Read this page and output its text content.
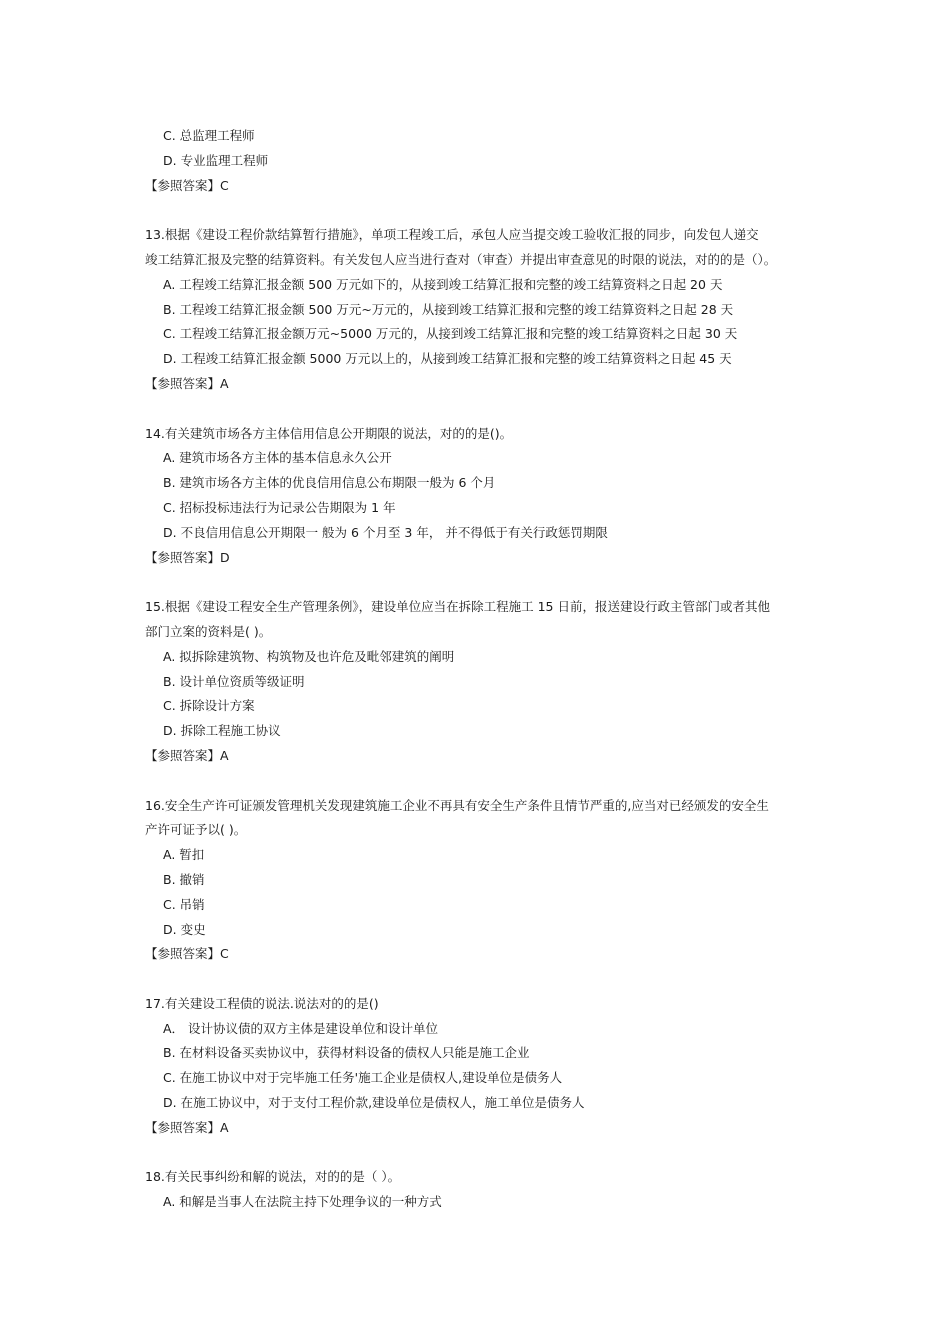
C. 总监理工程师
D. 专业监理工程师
【参照答案】C
13.根据《建设工程价款结算暂行措施》，单项工程竣工后，承包人应当提交竣工验收汇报的同步，向发包人递交
竣工结算汇报及完整的结算资料。有关发包人应当进行查对（审查）并提出审查意见的时限的说法，对的的是（）。
A. 工程竣工结算汇报金额 500 万元如下的，从接到竣工结算汇报和完整的竣工结算资料之日起 20 天
B. 工程竣工结算汇报金额 500 万元~万元的，从接到竣工结算汇报和完整的竣工结算资料之日起 28 天
C. 工程竣工结算汇报金额万元~5000 万元的，从接到竣工结算汇报和完整的竣工结算资料之日起 30 天
D. 工程竣工结算汇报金额 5000 万元以上的，从接到竣工结算汇报和完整的竣工结算资料之日起 45 天
【参照答案】A
14.有关建筑市场各方主体信用信息公开期限的说法，对的的是()。
A. 建筑市场各方主体的基本信息永久公开
B. 建筑市场各方主体的优良信用信息公布期限一般为 6 个月
C. 招标投标违法行为记录公告期限为 1 年
D. 不良信用信息公开期限一 般为 6 个月至 3 年， 并不得低于有关行政惩罚期限
【参照答案】D
15.根据《建设工程安全生产管理条例》，建设单位应当在拆除工程施工 15 日前，报送建设行政主管部门或者其他
部门立案的资料是( )。
A. 拟拆除建筑物、构筑物及也许危及毗邻建筑的阐明
B. 设计单位资质等级证明
C. 拆除设计方案
D. 拆除工程施工协议
【参照答案】A
16.安全生产许可证颁发管理机关发现建筑施工企业不再具有安全生产条件且情节严重的,应当对已经颁发的安全生
产许可证予以( )。
A. 暂扣
B. 撤销
C. 吊销
D. 变史
【参照答案】C
17.有关建设工程债的说法.说法对的的是()
A． 设计协议债的双方主体是建设单位和设计单位
B. 在材料设备买卖协议中，获得材料设备的债权人只能是施工企业
C. 在施工协议中对于完毕施工任务'施工企业是债权人,建设单位是债务人
D. 在施工协议中，对于支付工程价款,建设单位是债权人，施工单位是债务人
【参照答案】A
18.有关民事纠纷和解的说法，对的的是（ ）。
A. 和解是当事人在法院主持下处理争议的一种方式
